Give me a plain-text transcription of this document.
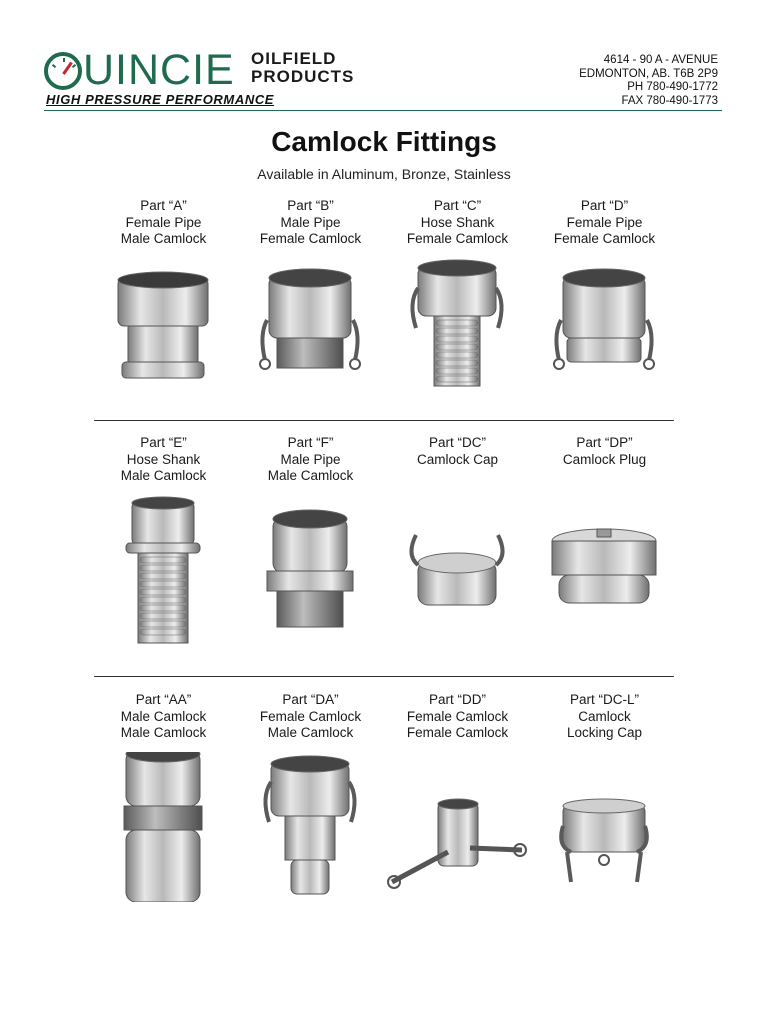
UINCIE OILFIELD
PRODUCTS
HIGH PRESSURE PERFORMANCE
4614 - 90 A - AVENUE
EDMONTON, AB. T6B 2P9
PH 780-490-1772
FAX 780-490-1773
Camlock Fittings
Available in Aluminum, Bronze, Stainless
Part “A”
Female Pipe
Male Camlock
Part “B”
Male Pipe
Female Camlock
Part “C”
Hose Shank
Female Camlock
Part “D”
Female Pipe
Female Camlock
Part “E”
Hose Shank
Male Camlock
Part “F”
Male Pipe
Male Camlock
Part “DC”
Camlock Cap
Part “DP”
Camlock Plug
Part “AA”
Male Camlock
Male Camlock
Part “DA”
Female Camlock
Male Camlock
Part “DD”
Female Camlock
Female Camlock
Part “DC-L”
Camlock
Locking Cap
